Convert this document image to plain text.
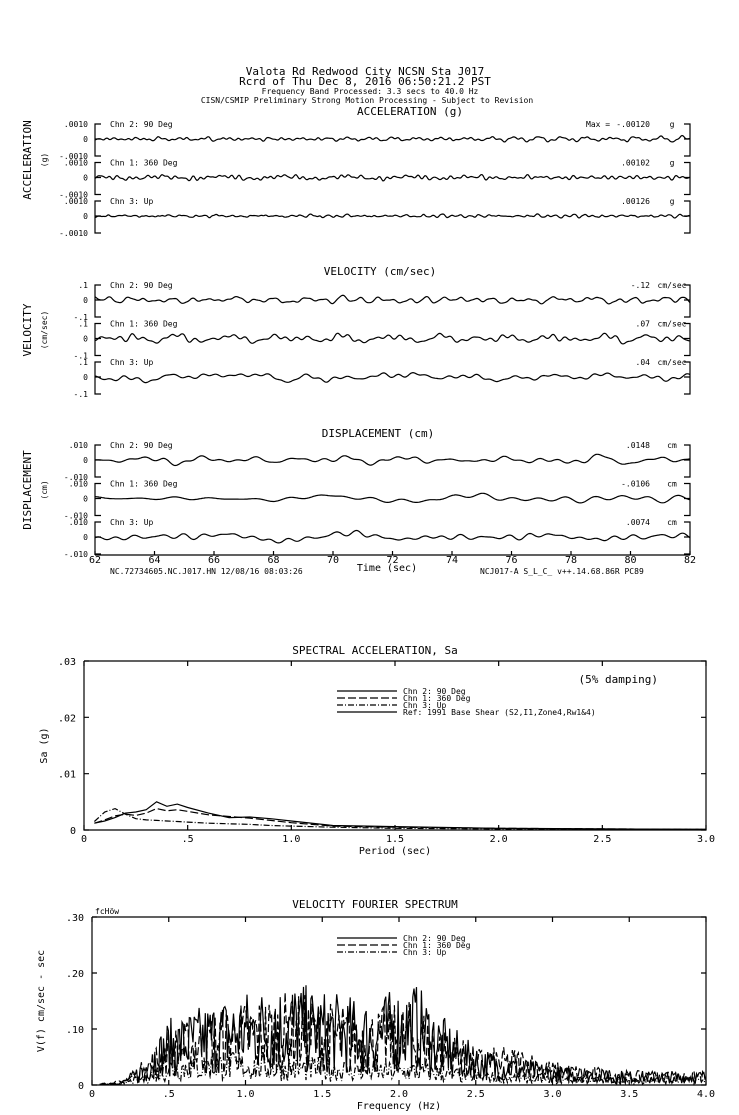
Valota Rd Redwood City NCSN Sta J017
Rcrd of Thu Dec 8, 2016 06:50:21.2 PST
Frequency Band Processed: 3.3 secs to 40.0 Hz
CISN/CSMIP Preliminary Strong Motion Processing - Subject to Revision
ACCELERATION (g)
ACCELERATION (g)
.0010
-.0010
Chn 2: 90 Deg	-.00120 g
Max =
.0010
-.0010
Chn 1: 360 Deg	.00102 g
.0010
-.0010
Chn 3: Up	.00126 g
0
0
0
VELOCITY (cm/sec)
VELOCITY (cm/sec)
.1
-.1
Chn 2: 90 Deg	-.12 cm/sec
.1
-.1
Chn 1: 360 Deg	.07 cm/sec
.1
-.1
Chn 3: Up	.04 cm/sec
0
0
0
DISPLACEMENT (cm)
DISPLACEMENT (cm)
.010
-.010
Chn 2: 90 Deg	.0148 cm
.010
-.010
Chn 1: 360 Deg	-.0106 cm
.010
-.010
Chn 3: Up	.0074 cm
0
0
0
62	64	66	68	70	72	74	76	78	80	82
Time (sec)
SPECTRAL ACCELERATION, Sa
0	.5	1.0	1.5	2.0	2.5	3.0
0
.01
.02
.03
Period (sec)
Sa (g)
Chn 2: 90 Deg
Chn 1: 360 Deg
Chn 3: Up
Ref: 1991 Base Shear (S2,I1,Zone4,Rw1&4)
(5% damping)
VELOCITY FOURIER SPECTRUM
0	.5	1.0	1.5	2.0	2.5	3.0	3.5	4.0
0
.10
.20
.30
Frequency (Hz)
V(f) cm/sec - sec
Chn 2: 90 Deg
Chn 1: 360 Deg
Chn 3: Up
fcHöw
NC.72734605.NC.J017.HN 12/08/16 08:03:26	NCJ017-A S_L_C_ v++.14.68.86R PC89
